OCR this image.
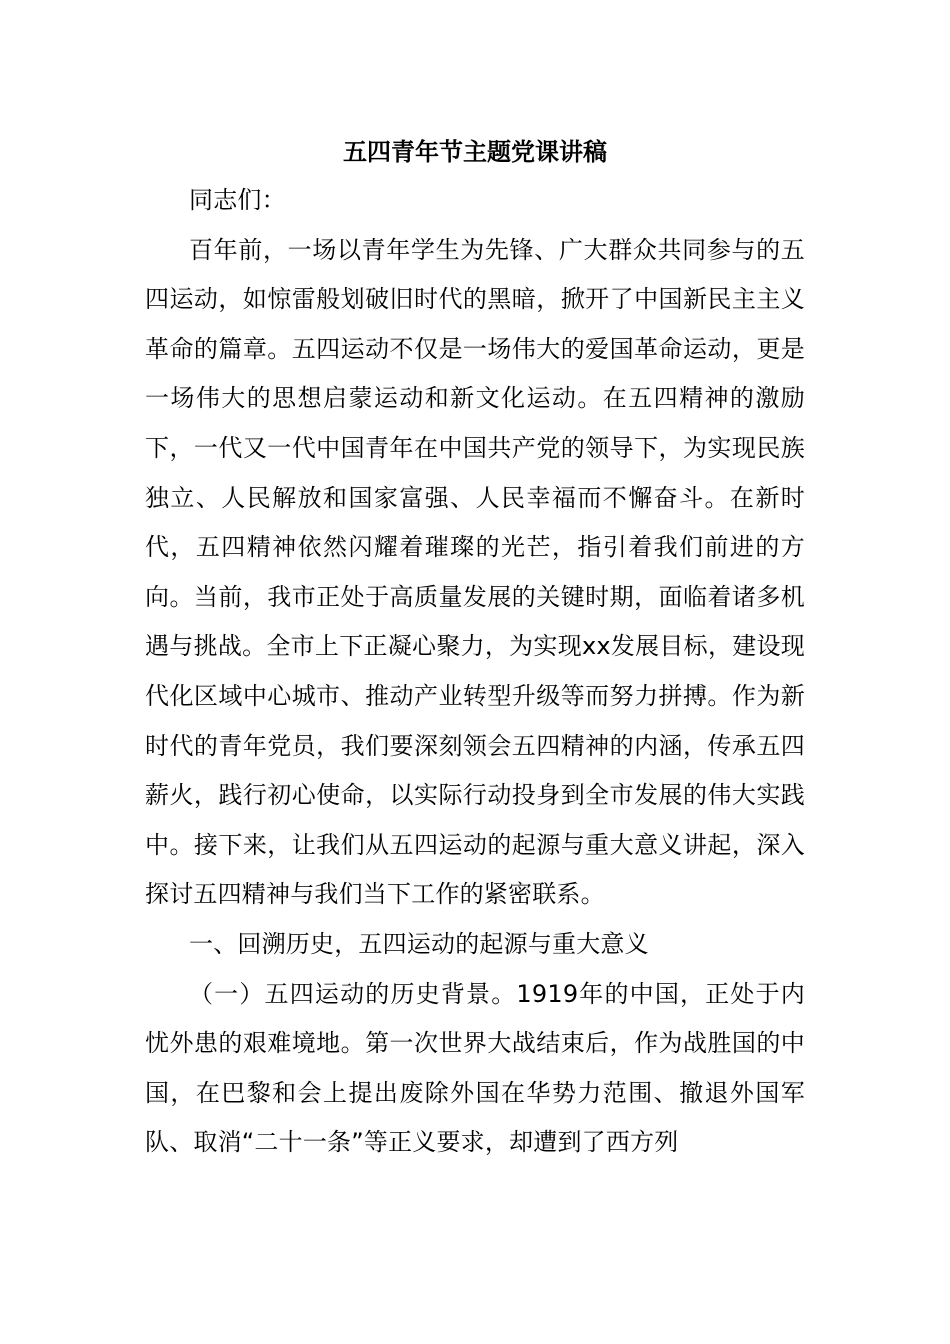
五四青年节主题党课讲稿

同志们：

百年前，一场以青年学生为先锋、广大群众共同参与的五四运动，如惊雷般划破旧时代的黑暗，掀开了中国新民主主义革命的篇章。五四运动不仅是一场伟大的爱国革命运动，更是一场伟大的思想启蒙运动和新文化运动。在五四精神的激励下，一代又一代中国青年在中国共产党的领导下，为实现民族独立、人民解放和国家富强、人民幸福而不懈奋斗。在新时代，五四精神依然闪耀着璀璨的光芒，指引着我们前进的方向。当前，我市正处于高质量发展的关键时期，面临着诸多机遇与挑战。全市上下正凝心聚力，为实现xx发展目标，建设现代化区域中心城市、推动产业转型升级等而努力拼搏。作为新时代的青年党员，我们要深刻领会五四精神的内涵，传承五四薪火，践行初心使命，以实际行动投身到全市发展的伟大实践中。接下来，让我们从五四运动的起源与重大意义讲起，深入探讨五四精神与我们当下工作的紧密联系。

一、回溯历史，五四运动的起源与重大意义

（一）五四运动的历史背景。1919年的中国，正处于内忧外患的艰难境地。第一次世界大战结束后，作为战胜国的中国，在巴黎和会上提出废除外国在华势力范围、撤退外国军队、取消“二十一条”等正义要求，却遭到了西方列
